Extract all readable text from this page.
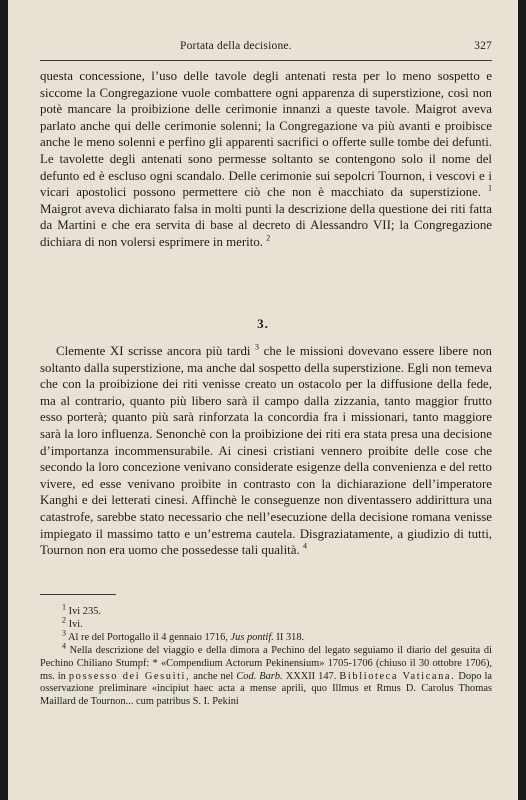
Portata della decisione.	327
questa concessione, l’uso delle tavole degli antenati resta per lo meno sospetto e siccome la Congregazione vuole combattere ogni apparenza di superstizione, così non potè mancare la proibizione delle cerimonie innanzi a queste tavole. Maigrot aveva parlato anche qui delle cerimonie solenni; la Congregazione va più avanti e proibisce anche le meno solenni e perfino gli apparenti sacrifici o offerte sulle tombe dei defunti. Le tavolette degli antenati sono permesse soltanto se contengono solo il nome del defunto ed è escluso ogni scandalo. Delle cerimonie sui sepolcri Tournon, i vescovi e i vicari apostolici possono permettere ciò che non è macchiato da superstizione. $^1$ Maigrot aveva dichiarato falsa in molti punti la descrizione della questione dei riti fatta da Martini e che era servita di base al decreto di Alessandro VII; la Congregazione dichiara di non volersi esprimere in merito. $^2$
3.
Clemente XI scrisse ancora più tardi $^3$ che le missioni dovevano essere libere non soltanto dalla superstizione, ma anche dal sospetto della superstizione. Egli non temeva che con la proibizione dei riti venisse creato un ostacolo per la diffusione della fede, ma al contrario, quanto più libero sarà il campo dalla zizzania, tanto maggior frutto esso porterà; quanto più sarà rinforzata la concordia fra i missionari, tanto maggiore sarà la loro influenza. Senonchè con la proibizione dei riti era stata presa una decisione d’importanza incommensurabile. Ai cinesi cristiani vennero proibite delle cose che secondo la loro concezione venivano considerate esigenze della convenienza e del retto vivere, ed esse venivano proibite in contrasto con la dichiarazione dell’imperatore Kanghi e dei letterati cinesi. Affinchè le conseguenze non diventassero addirittura una catastrofe, sarebbe stato necessario che nell’esecuzione della decisione romana venisse impiegato il massimo tatto e un’estrema cautela. Disgraziatamente, a giudizio di tutti, Tournon non era uomo che possedesse tali qualità. $^4$

$^1$ Ivi 235.

$^2$ Ivi.

$^3$ Al re del Portogallo il 4 gennaio 1716, Jus pontif. II 318.

$^4$ Nella descrizione del viaggio e della dimora a Pechino del legato seguiamo il diario del gesuita di Pechino Chiliano Stumpf: * «Compendium Actorum Pekinensium» 1705-1706 (chiuso il 30 ottobre 1706), ms. in possesso dei Gesuiti, anche nel Cod. Barb. XXXII 147. Biblioteca Vaticana. Dopo la osservazione preliminare «incipiut haec acta a mense aprili, quo Illmus et Rmus D. Carolus Thomas Maillard de Tournon... cum patribus S. I. Pekini
